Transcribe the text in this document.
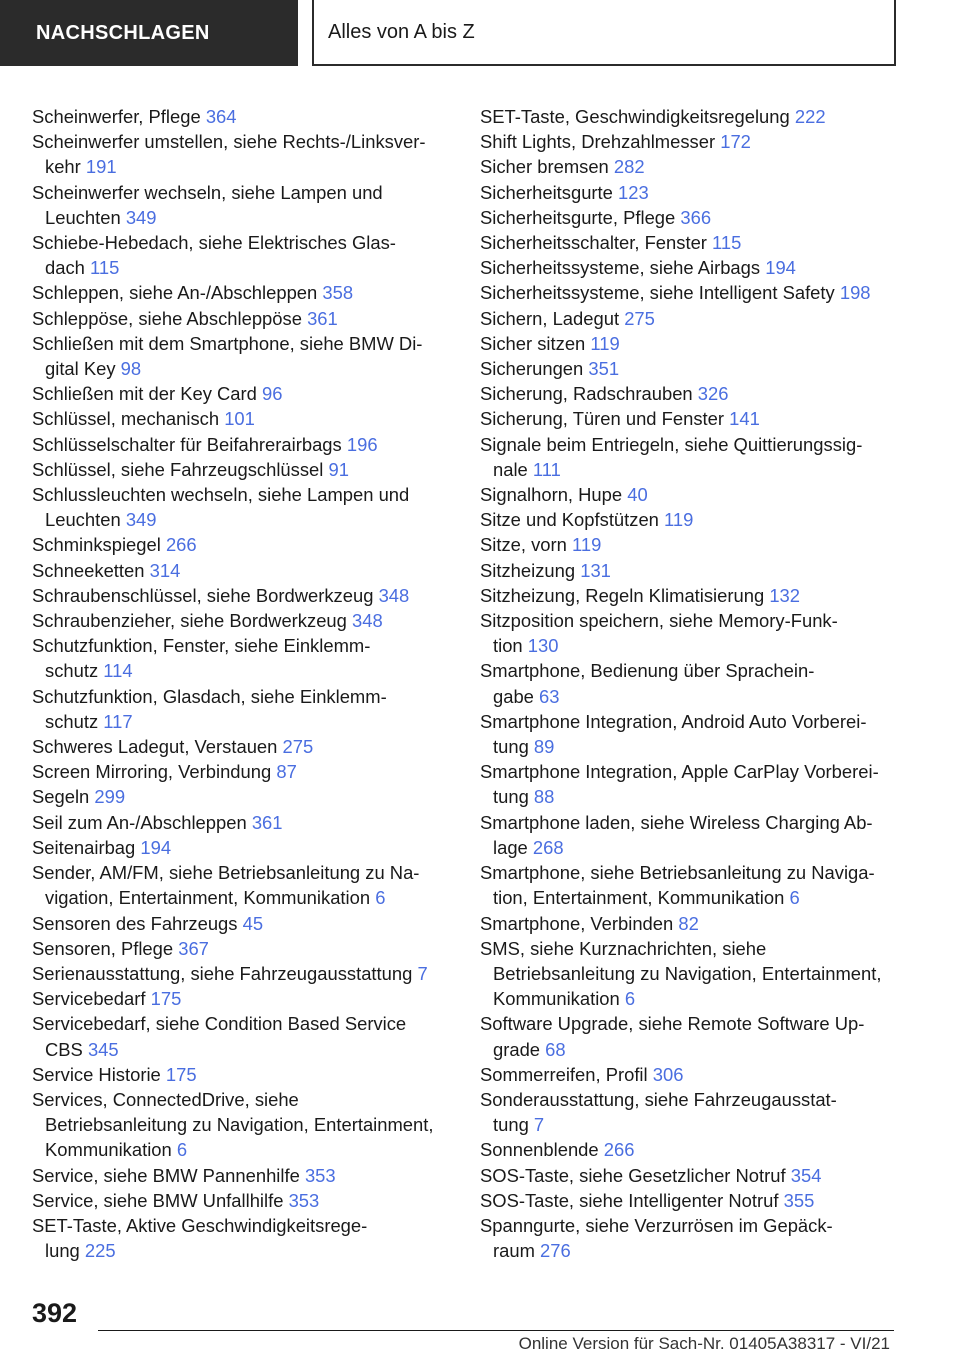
NACHSCHLAGEN	Alles von A bis Z
Scheinwerfer, Pflege 364
Scheinwerfer umstellen, siehe Rechts-/Linksver-
kehr 191
Scheinwerfer wechseln, siehe Lampen und
Leuchten 349
Schiebe-Hebedach, siehe Elektrisches Glas-
dach 115
Schleppen, siehe An-/Abschleppen 358
Schleppöse, siehe Abschleppöse 361
Schließen mit dem Smartphone, siehe BMW Di-
gital Key 98
Schließen mit der Key Card 96
Schlüssel, mechanisch 101
Schlüsselschalter für Beifahrerairbags 196
Schlüssel, siehe Fahrzeugschlüssel 91
Schlussleuchten wechseln, siehe Lampen und
Leuchten 349
Schminkspiegel 266
Schneeketten 314
Schraubenschlüssel, siehe Bordwerkzeug 348
Schraubenzieher, siehe Bordwerkzeug 348
Schutzfunktion, Fenster, siehe Einklemm-
schutz 114
Schutzfunktion, Glasdach, siehe Einklemm-
schutz 117
Schweres Ladegut, Verstauen 275
Screen Mirroring, Verbindung 87
Segeln 299
Seil zum An-/Abschleppen 361
Seitenairbag 194
Sender, AM/FM, siehe Betriebsanleitung zu Na-
vigation, Entertainment, Kommunikation 6
Sensoren des Fahrzeugs 45
Sensoren, Pflege 367
Serienausstattung, siehe Fahrzeugausstattung 7
Servicebedarf 175
Servicebedarf, siehe Condition Based Service
CBS 345
Service Historie 175
Services, ConnectedDrive, siehe
Betriebsanleitung zu Navigation, Entertainment,
Kommunikation 6
Service, siehe BMW Pannenhilfe 353
Service, siehe BMW Unfallhilfe 353
SET-Taste, Aktive Geschwindigkeitsrege-
lung 225
SET-Taste, Geschwindigkeitsregelung 222
Shift Lights, Drehzahlmesser 172
Sicher bremsen 282
Sicherheitsgurte 123
Sicherheitsgurte, Pflege 366
Sicherheitsschalter, Fenster 115
Sicherheitssysteme, siehe Airbags 194
Sicherheitssysteme, siehe Intelligent Safety 198
Sichern, Ladegut 275
Sicher sitzen 119
Sicherungen 351
Sicherung, Radschrauben 326
Sicherung, Türen und Fenster 141
Signale beim Entriegeln, siehe Quittierungssig-
nale 111
Signalhorn, Hupe 40
Sitze und Kopfstützen 119
Sitze, vorn 119
Sitzheizung 131
Sitzheizung, Regeln Klimatisierung 132
Sitzposition speichern, siehe Memory-Funk-
tion 130
Smartphone, Bedienung über Sprachein-
gabe 63
Smartphone Integration, Android Auto Vorberei-
tung 89
Smartphone Integration, Apple CarPlay Vorberei-
tung 88
Smartphone laden, siehe Wireless Charging Ab-
lage 268
Smartphone, siehe Betriebsanleitung zu Naviga-
tion, Entertainment, Kommunikation 6
Smartphone, Verbinden 82
SMS, siehe Kurznachrichten, siehe
Betriebsanleitung zu Navigation, Entertainment,
Kommunikation 6
Software Upgrade, siehe Remote Software Up-
grade 68
Sommerreifen, Profil 306
Sonderausstattung, siehe Fahrzeugausstat-
tung 7
Sonnenblende 266
SOS-Taste, siehe Gesetzlicher Notruf 354
SOS-Taste, siehe Intelligenter Notruf 355
Spanngurte, siehe Verzurrösen im Gepäck-
raum 276
392
Online Version für Sach-Nr. 01405A38317 - VI/21
